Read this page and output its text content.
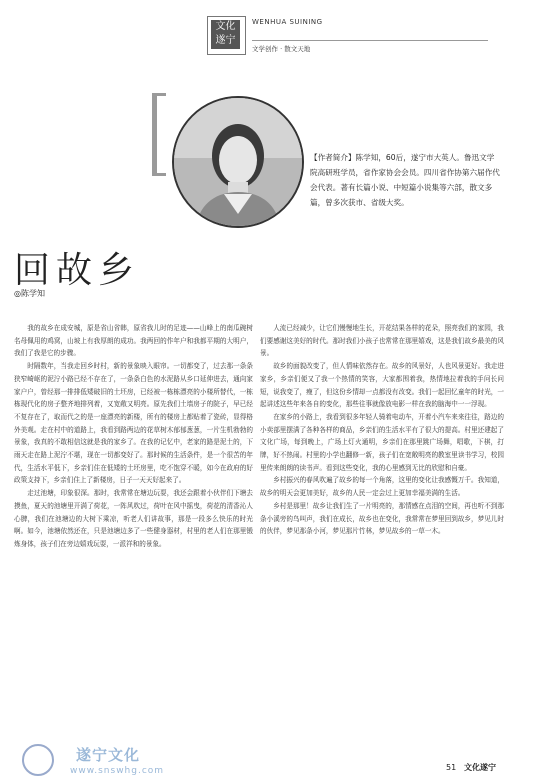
文化遂宁
WENHUA SUINING
文学创作 · 散文天地
【作者简介】陈学知，60后，遂宁市大英人。鲁迅文学院高研班学员，省作家协会会员。四川省作协第六届作代会代表。著有长篇小说、中短篇小说集等六部，散文多篇，曾多次获市、省级大奖。
回故乡
◎陈学知

我的故乡在成安城，原是省山省韩，原省我儿时的足迹——山峰上的南瓜碗树名母佩用的鸡窝，山坡上有我厚朗的成功。我两回的作年户和我都平期的大明户，我们了我是它的步骤。

时隔数年，当我走回乡时村，新的景象映入眼帘。一切都变了，过去那一条条狭窄崎岖的泥泞小路已经不存在了，一条条白色的水泥路从乡口延伸进去，通向家家户户，曾经那一排排低矮破旧的土坯房，已经被一栋栋漂亮的小楼所替代，一栋栋现代化的房子整齐地排列着，又宽敞又明亮。原先我们土墙房子的院子，早已经不复存在了，取而代之的是一座漂亮的新楼，所有的楼房上都贴着了瓷砖，显得格外美观。走在村中的道路上，我看到路两边的花草树木郁郁葱葱，一片生机勃勃的景象，我真的不敢相信这就是我的家乡了。在我的记忆中，老家的路是泥土的，下雨天走在路上泥泞不堪，现在一切都变好了。那时候的生活条件，是一个很苦的年代，生活水平低下，乡亲们住在低矮的土坯房里，吃不饱穿不暖，如今在政府的好政策支持下，乡亲们住上了新楼房，日子一天天好起来了。

走过池塘，印象很深。那时，我常常在塘边玩耍，我还会跟着小伙伴们下塘去摸鱼，夏天的池塘里开满了荷花，一阵风吹过，荷叶在风中摇曳，荷花的清香沁人心脾，我们在池塘边的大树下乘凉，听老人们讲故事，那是一段多么快乐的时光啊。如今，池塘依然还在，只是池塘边多了一些健身器材，村里的老人们在那里锻炼身体，孩子们在旁边嬉戏玩耍，一派祥和的景象。

人流已经减少，让它们慢慢地生长，开花结果各样的花朵，照亮我们的家园，我们要感谢这美好的时代。那时我们小孩子也常常在那里嬉戏，这是我们故乡最美的风景。

故乡的面貌改变了，但人情味依然存在。故乡的风景好，人也风景更好。我走进家乡，乡亲们便又了我一个热情的笑容，大家都围着我，热情地拉着我的手问长问短，说我变了，瘦了，但这份乡情却一点都没有改变。我们一起回忆童年的时光，一起讲述这些年来各自的变化，那些往事就像放电影一样在我的脑海中一一浮现。

在家乡的小路上，我看到很多年轻人骑着电动车，开着小汽车来来往往，路边的小卖部里摆满了各种各样的商品，乡亲们的生活水平有了很大的提高。村里还建起了文化广场，每到晚上，广场上灯火通明，乡亲们在那里跳广场舞，唱歌，下棋，打牌，好不热闹。村里的小学也翻修一新，孩子们在宽敞明亮的教室里读书学习，校园里传来朗朗的读书声。看到这些变化，我的心里感到无比的欣慰和自豪。

乡村振兴的春风吹遍了故乡的每一个角落，这里的变化让我感慨万千。我知道，故乡的明天会更加美好，故乡的人民一定会过上更加幸福美满的生活。

乡村是那里！故乡让我们生了一片明亮的，那情感在点泪的空间，再也听不到那条小溪旁的鸟叫声，我们在成长，故乡也在变化，我常常在梦里回到故乡，梦见儿时的伙伴，梦见那条小河，梦见那片竹林，梦见故乡的一草一木。

遂宁文化
www.snswhg.com	51 文化遂宁
